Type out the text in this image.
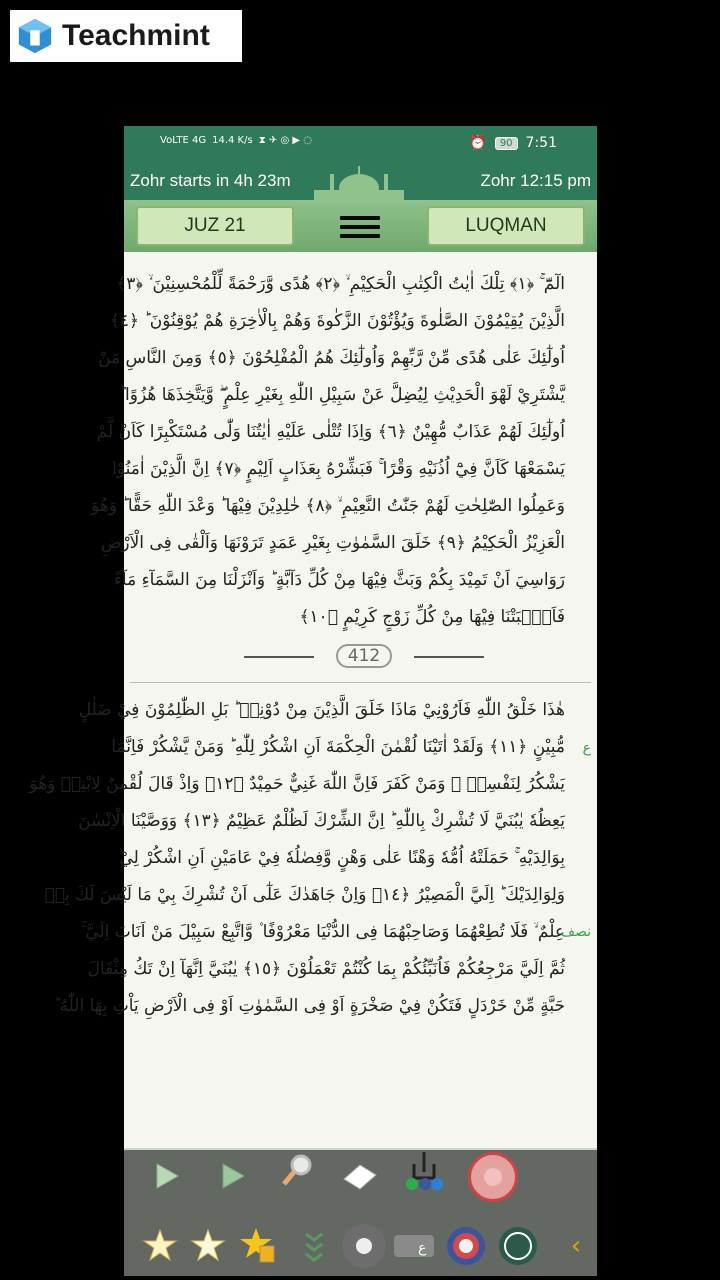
Teachmint
VoLTE 4G 14.4 K/s ⧗ ✈ ◎ ▶ ◌	⏰	90 7:51
Zohr starts in 4h 23m	Zohr 12:15 pm
JUZ 21	LUQMAN
الٓمّٓ ۚ ﴿١﴾ تِلْكَ اٰيٰتُ الْكِتٰبِ الْحَكِيْمِ ۙ ﴿٢﴾ هُدًى وَّرَحْمَةً لِّلْمُحْسِنِيْنَ ۙ ﴿٣﴾
الَّذِيْنَ يُقِيْمُوْنَ الصَّلٰوةَ وَيُؤْتُوْنَ الزَّكٰوةَ وَهُمْ بِالْاٰخِرَةِ هُمْ يُوْقِنُوْنَ ؕ ﴿٤﴾
اُولٰٓئِكَ عَلٰى هُدًى مِّنْ رَّبِّهِمْ وَاُولٰٓئِكَ هُمُ الْمُفْلِحُوْنَ ﴿٥﴾ وَمِنَ النَّاسِ مَنْ
يَّشْتَرِيْ لَهْوَ الْحَدِيْثِ لِيُضِلَّ عَنْ سَبِيْلِ اللّٰهِ بِغَيْرِ عِلْمٍ ۖ وَّيَتَّخِذَهَا هُزُوًا ؕ
اُولٰٓئِكَ لَهُمْ عَذَابٌ مُّهِيْنٌ ﴿٦﴾ وَاِذَا تُتْلٰى عَلَيْهِ اٰيٰتُنَا وَلّٰى مُسْتَكْبِرًا كَاَنْ لَّمْ
يَسْمَعْهَا كَاَنَّ فِيْٓ اُذُنَيْهِ وَقْرًا ۚ فَبَشِّرْهُ بِعَذَابٍ اَلِيْمٍ ﴿٧﴾ اِنَّ الَّذِيْنَ اٰمَنُوْا
وَعَمِلُوا الصّٰلِحٰتِ لَهُمْ جَنّٰتُ النَّعِيْمِ ۙ ﴿٨﴾ خٰلِدِيْنَ فِيْهَا ؕ وَعْدَ اللّٰهِ حَقًّا ؕ وَهُوَ
الْعَزِيْزُ الْحَكِيْمُ ﴿٩﴾ خَلَقَ السَّمٰوٰتِ بِغَيْرِ عَمَدٍ تَرَوْنَهَا وَاَلْقٰى فِى الْاَرْضِ
رَوَاسِيَ اَنْ تَمِيْدَ بِكُمْ وَبَثَّ فِيْهَا مِنْ كُلِّ دَآبَّةٍ ؕ وَاَنْزَلْنَا مِنَ السَّمَآءِ مَآءً
فَاَنْۢبَتْنَا فِيْهَا مِنْ كُلِّ زَوْجٍ كَرِيْمٍ ﴿١٠﴾
412
هٰذَا خَلْقُ اللّٰهِ فَاَرُوْنِيْ مَاذَا خَلَقَ الَّذِيْنَ مِنْ دُوْنِهٖ ؕ بَلِ الظّٰلِمُوْنَ فِيْ ضَلٰلٍ
مُّبِيْنٍ ﴿١١﴾ وَلَقَدْ اٰتَيْنَا لُقْمٰنَ الْحِكْمَةَ اَنِ اشْكُرْ لِلّٰهِ ؕ وَمَنْ يَّشْكُرْ فَاِنَّمَا
يَشْكُرُ لِنَفْسِهٖ ۚ وَمَنْ كَفَرَ فَاِنَّ اللّٰهَ غَنِيٌّ حَمِيْدٌ ﴿١٢﴾ وَاِذْ قَالَ لُقْمٰنُ لِابْنِهٖ وَهُوَ
يَعِظُهٗ يٰبُنَيَّ لَا تُشْرِكْ بِاللّٰهِ ؕ اِنَّ الشِّرْكَ لَظُلْمٌ عَظِيْمٌ ﴿١٣﴾ وَوَصَّيْنَا الْاِنْسٰنَ
بِوَالِدَيْهِ ۚ حَمَلَتْهُ اُمُّهٗ وَهْنًا عَلٰى وَهْنٍ وَّفِصٰلُهٗ فِيْ عَامَيْنِ اَنِ اشْكُرْ لِيْ
وَلِوَالِدَيْكَ ؕ اِلَيَّ الْمَصِيْرُ ﴿١٤﴾ وَاِنْ جَاهَدٰكَ عَلٰٓى اَنْ تُشْرِكَ بِيْ مَا لَيْسَ لَكَ بِهٖ
عِلْمٌ ۙ فَلَا تُطِعْهُمَا وَصَاحِبْهُمَا فِى الدُّنْيَا مَعْرُوْفًا ۫ وَّاتَّبِعْ سَبِيْلَ مَنْ اَنَابَ اِلَيَّ ۚ
ثُمَّ اِلَيَّ مَرْجِعُكُمْ فَاُنَبِّئُكُمْ بِمَا كُنْتُمْ تَعْمَلُوْنَ ﴿١٥﴾ يٰبُنَيَّ اِنَّهَآ اِنْ تَكُ مِثْقَالَ
حَبَّةٍ مِّنْ خَرْدَلٍ فَتَكُنْ فِيْ صَخْرَةٍ اَوْ فِى السَّمٰوٰتِ اَوْ فِى الْاَرْضِ يَاْتِ بِهَا اللّٰهُ ؕ
ع
نصف
ع	‹
